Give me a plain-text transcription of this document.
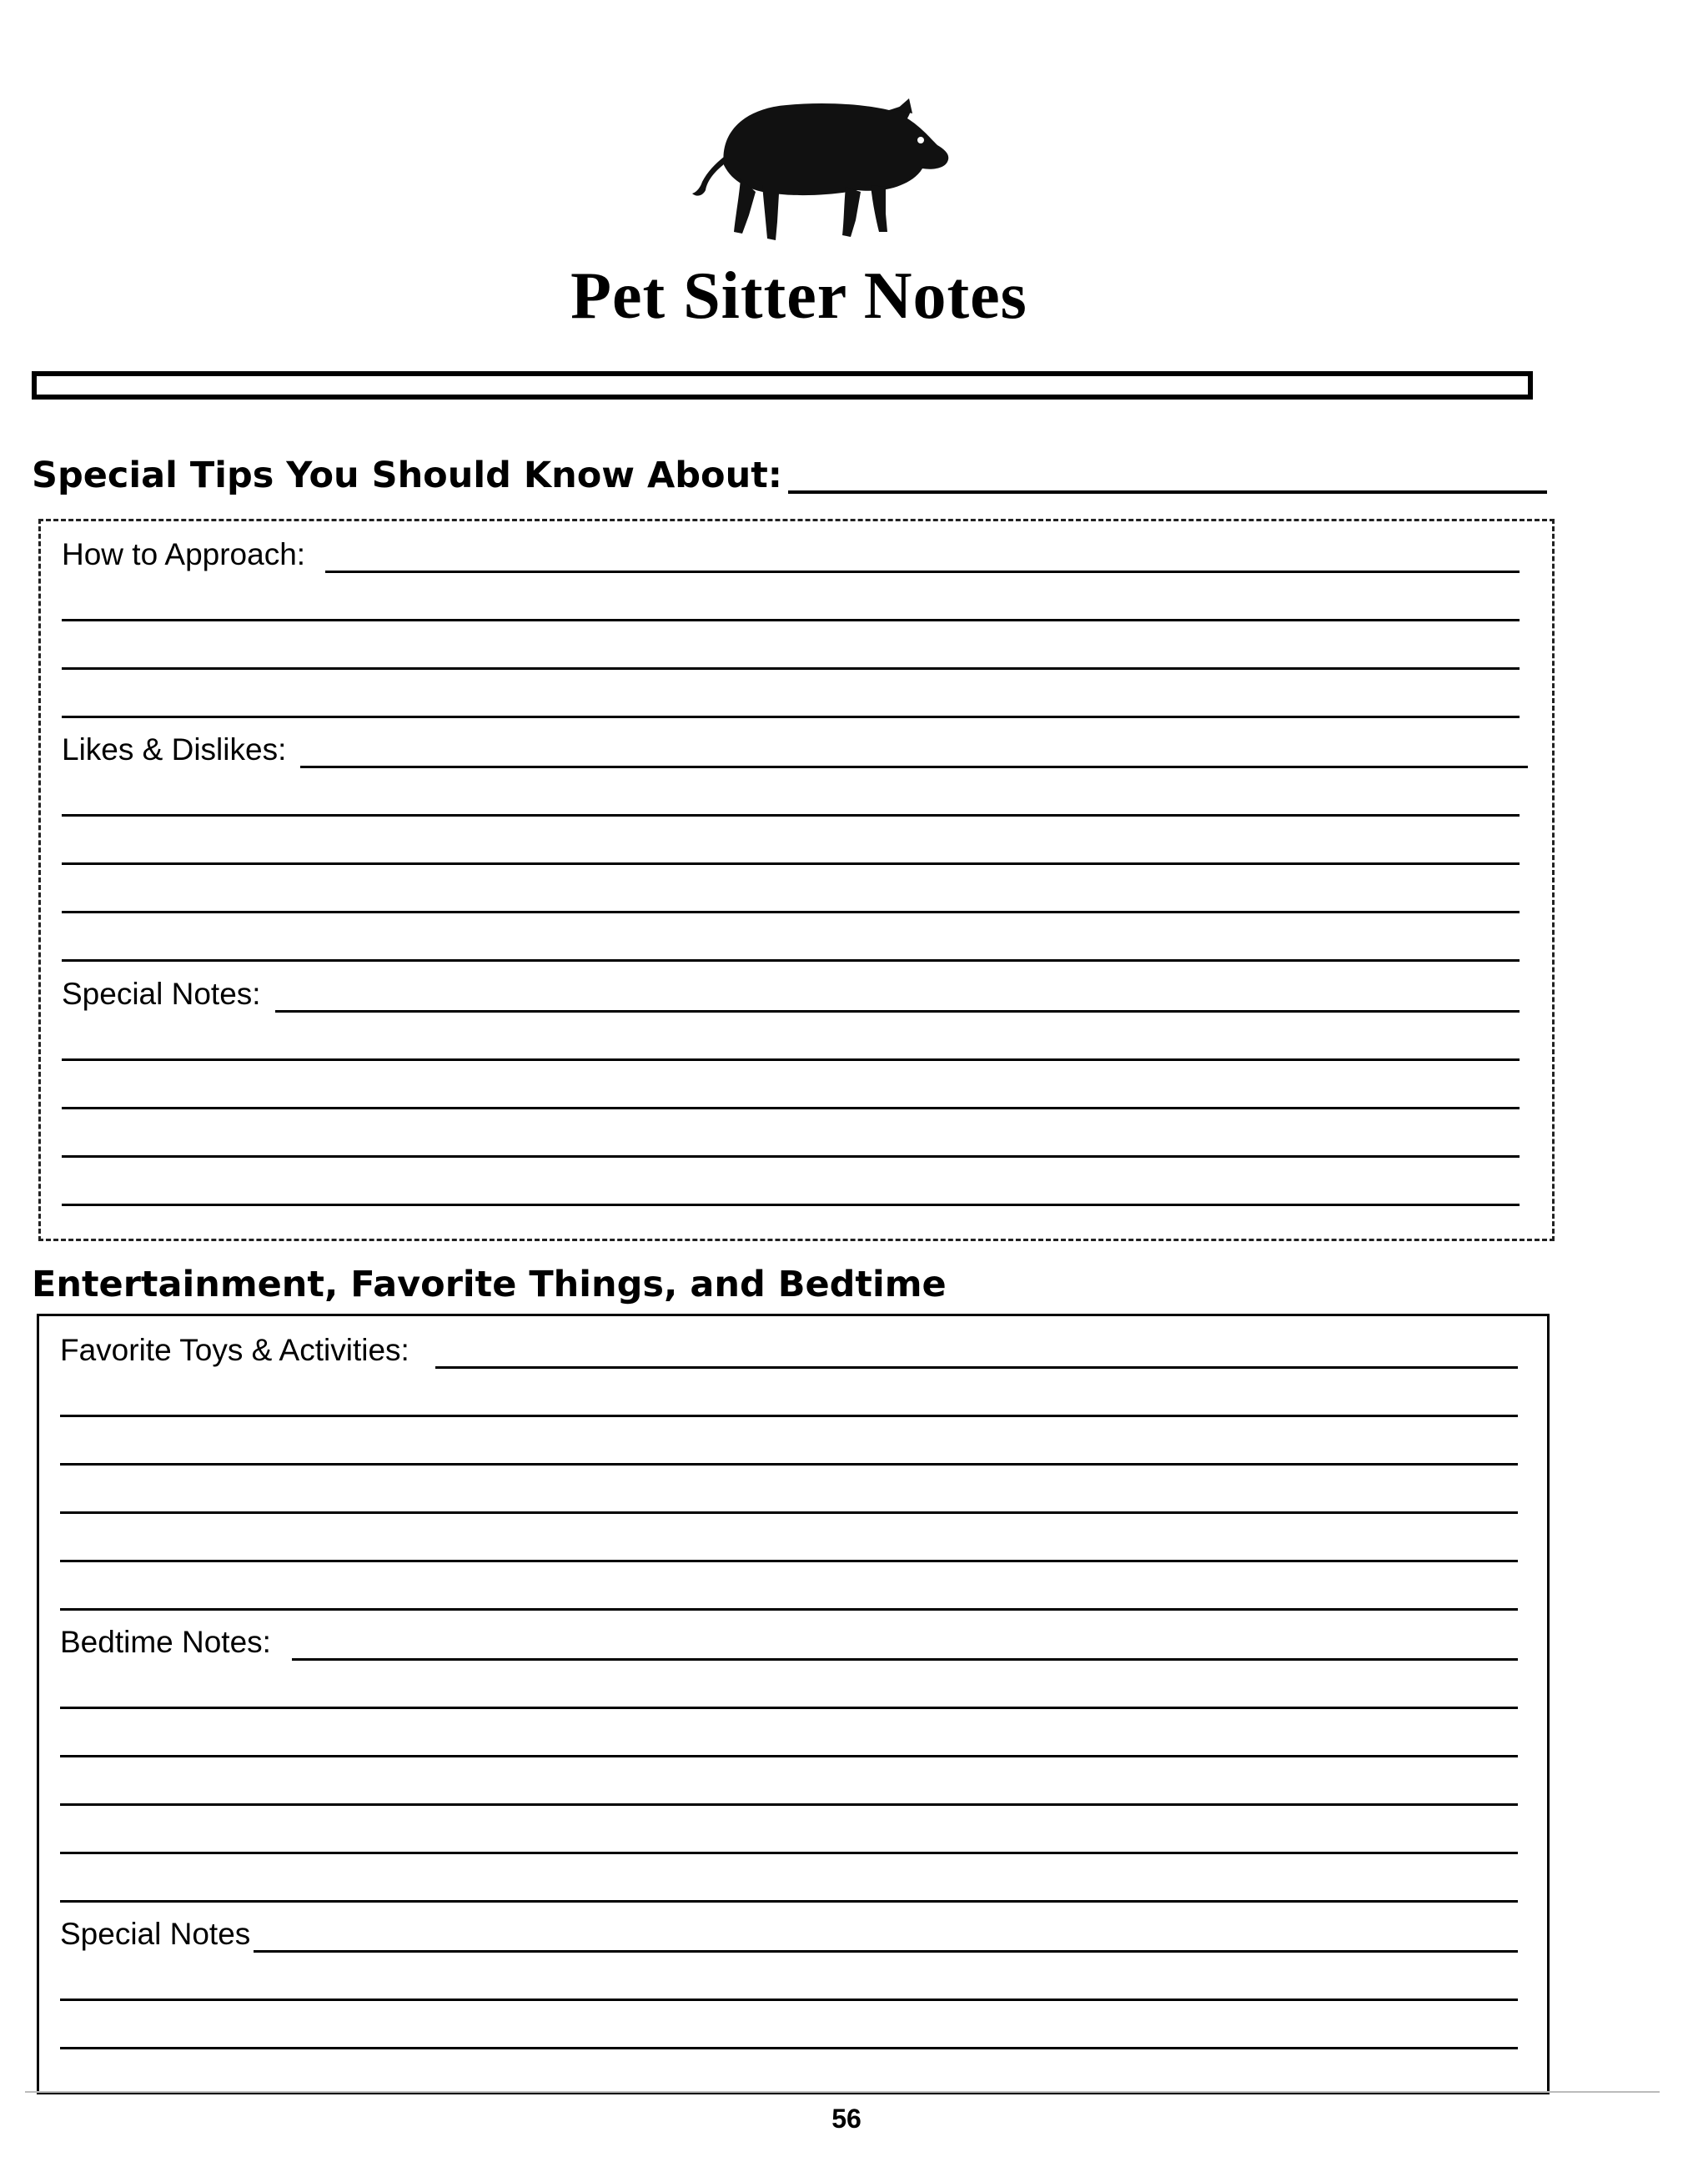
Pet Sitter Notes
Special Tips You Should Know About:
How to Approach:
Likes & Dislikes:
Special Notes:
Entertainment, Favorite Things, and Bedtime
Favorite Toys & Activities:
Bedtime Notes:
Special Notes
56
